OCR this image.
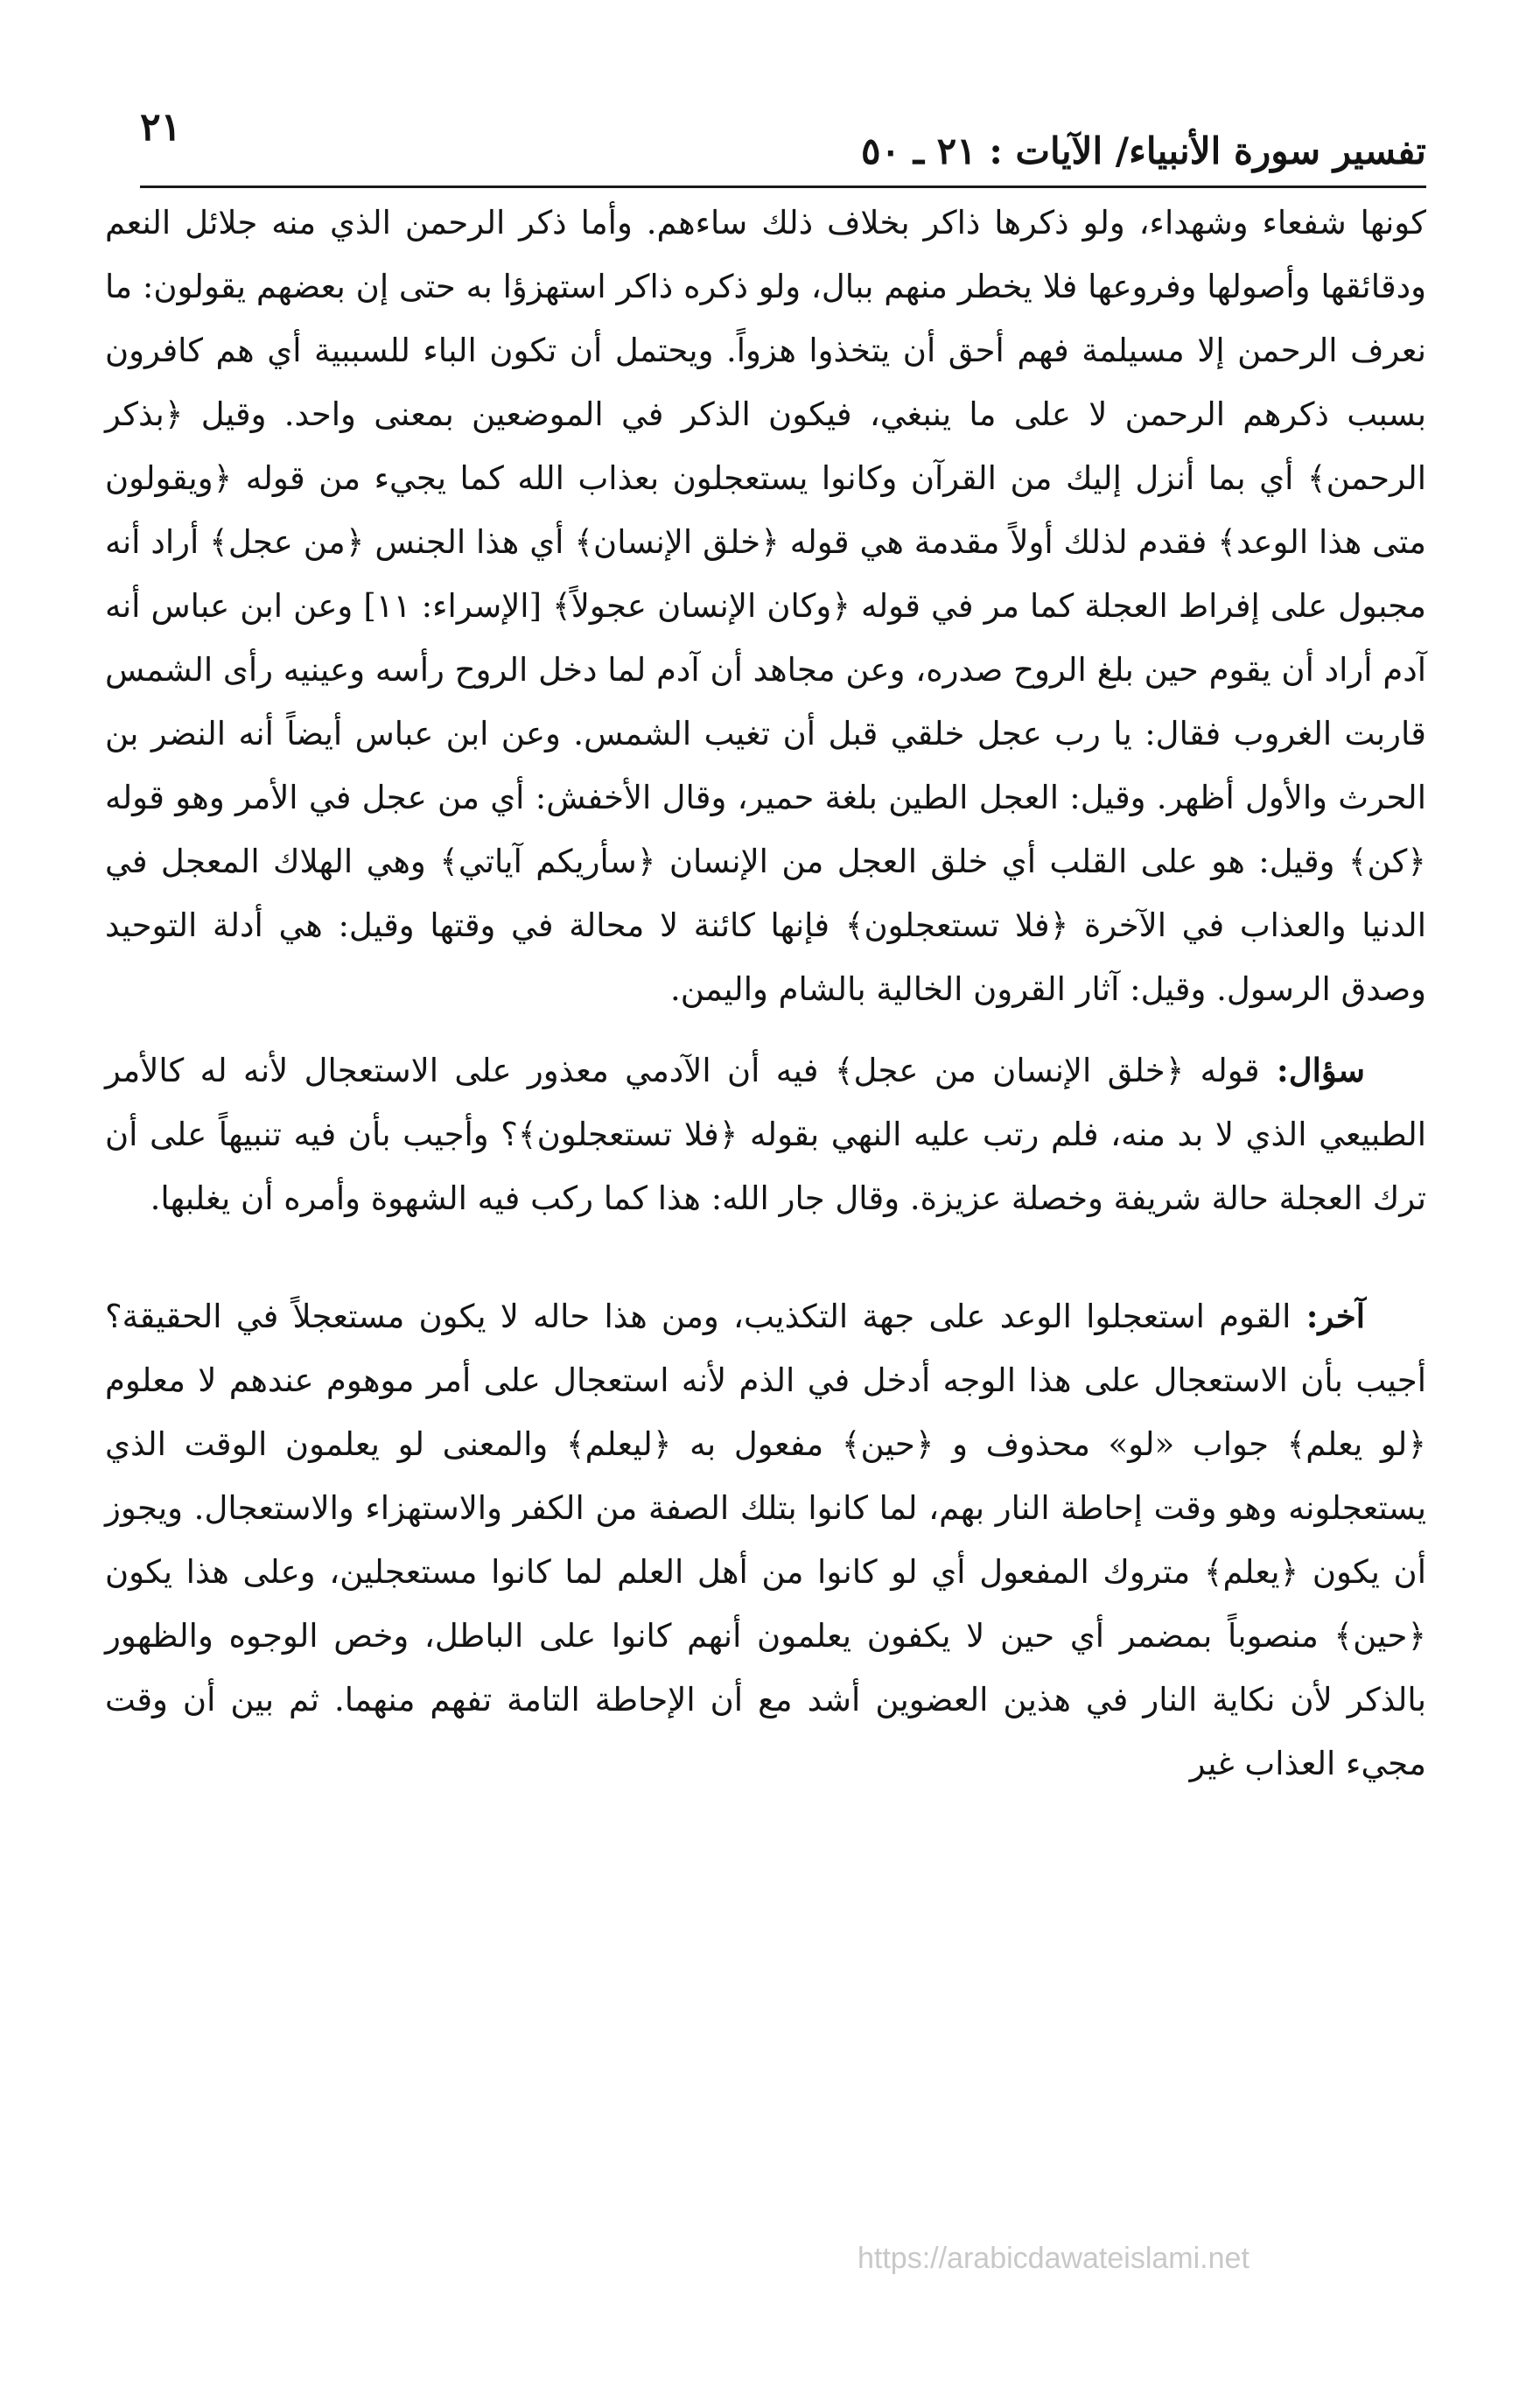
٢١
تفسير سورة الأنبياء/ الآيات : ٢١ ـ ٥٠

كونها شفعاء وشهداء، ولو ذكرها ذاكر بخلاف ذلك ساءهم. وأما ذكر الرحمن الذي منه جلائل النعم ودقائقها وأصولها وفروعها فلا يخطر منهم ببال، ولو ذكره ذاكر استهزؤا به حتى إن بعضهم يقولون: ما نعرف الرحمن إلا مسيلمة فهم أحق أن يتخذوا هزواً. ويحتمل أن تكون الباء للسببية أي هم كافرون بسبب ذكرهم الرحمن لا على ما ينبغي، فيكون الذكر في الموضعين بمعنى واحد. وقيل ﴿بذكر الرحمن﴾ أي بما أنزل إليك من القرآن وكانوا يستعجلون بعذاب الله كما يجيء من قوله ﴿ويقولون متى هذا الوعد﴾ فقدم لذلك أولاً مقدمة هي قوله ﴿خلق الإنسان﴾ أي هذا الجنس ﴿من عجل﴾ أراد أنه مجبول على إفراط العجلة كما مر في قوله ﴿وكان الإنسان عجولاً﴾ [الإسراء: ١١] وعن ابن عباس أنه آدم أراد أن يقوم حين بلغ الروح صدره، وعن مجاهد أن آدم لما دخل الروح رأسه وعينيه رأى الشمس قاربت الغروب فقال: يا رب عجل خلقي قبل أن تغيب الشمس. وعن ابن عباس أيضاً أنه النضر بن الحرث والأول أظهر. وقيل: العجل الطين بلغة حمير، وقال الأخفش: أي من عجل في الأمر وهو قوله ﴿كن﴾ وقيل: هو على القلب أي خلق العجل من الإنسان ﴿سأريكم آياتي﴾ وهي الهلاك المعجل في الدنيا والعذاب في الآخرة ﴿فلا تستعجلون﴾ فإنها كائنة لا محالة في وقتها وقيل: هي أدلة التوحيد وصدق الرسول. وقيل: آثار القرون الخالية بالشام واليمن.

سؤال: قوله ﴿خلق الإنسان من عجل﴾ فيه أن الآدمي معذور على الاستعجال لأنه له كالأمر الطبيعي الذي لا بد منه، فلم رتب عليه النهي بقوله ﴿فلا تستعجلون﴾؟ وأجيب بأن فيه تنبيهاً على أن ترك العجلة حالة شريفة وخصلة عزيزة. وقال جار الله: هذا كما ركب فيه الشهوة وأمره أن يغلبها.

آخر: القوم استعجلوا الوعد على جهة التكذيب، ومن هذا حاله لا يكون مستعجلاً في الحقيقة؟ أجيب بأن الاستعجال على هذا الوجه أدخل في الذم لأنه استعجال على أمر موهوم عندهم لا معلوم ﴿لو يعلم﴾ جواب «لو» محذوف و ﴿حين﴾ مفعول به ﴿ليعلم﴾ والمعنى لو يعلمون الوقت الذي يستعجلونه وهو وقت إحاطة النار بهم، لما كانوا بتلك الصفة من الكفر والاستهزاء والاستعجال. ويجوز أن يكون ﴿يعلم﴾ متروك المفعول أي لو كانوا من أهل العلم لما كانوا مستعجلين، وعلى هذا يكون ﴿حين﴾ منصوباً بمضمر أي حين لا يكفون يعلمون أنهم كانوا على الباطل، وخص الوجوه والظهور بالذكر لأن نكاية النار في هذين العضوين أشد مع أن الإحاطة التامة تفهم منهما. ثم بين أن وقت مجيء العذاب غير

https://arabicdawateislami.net
